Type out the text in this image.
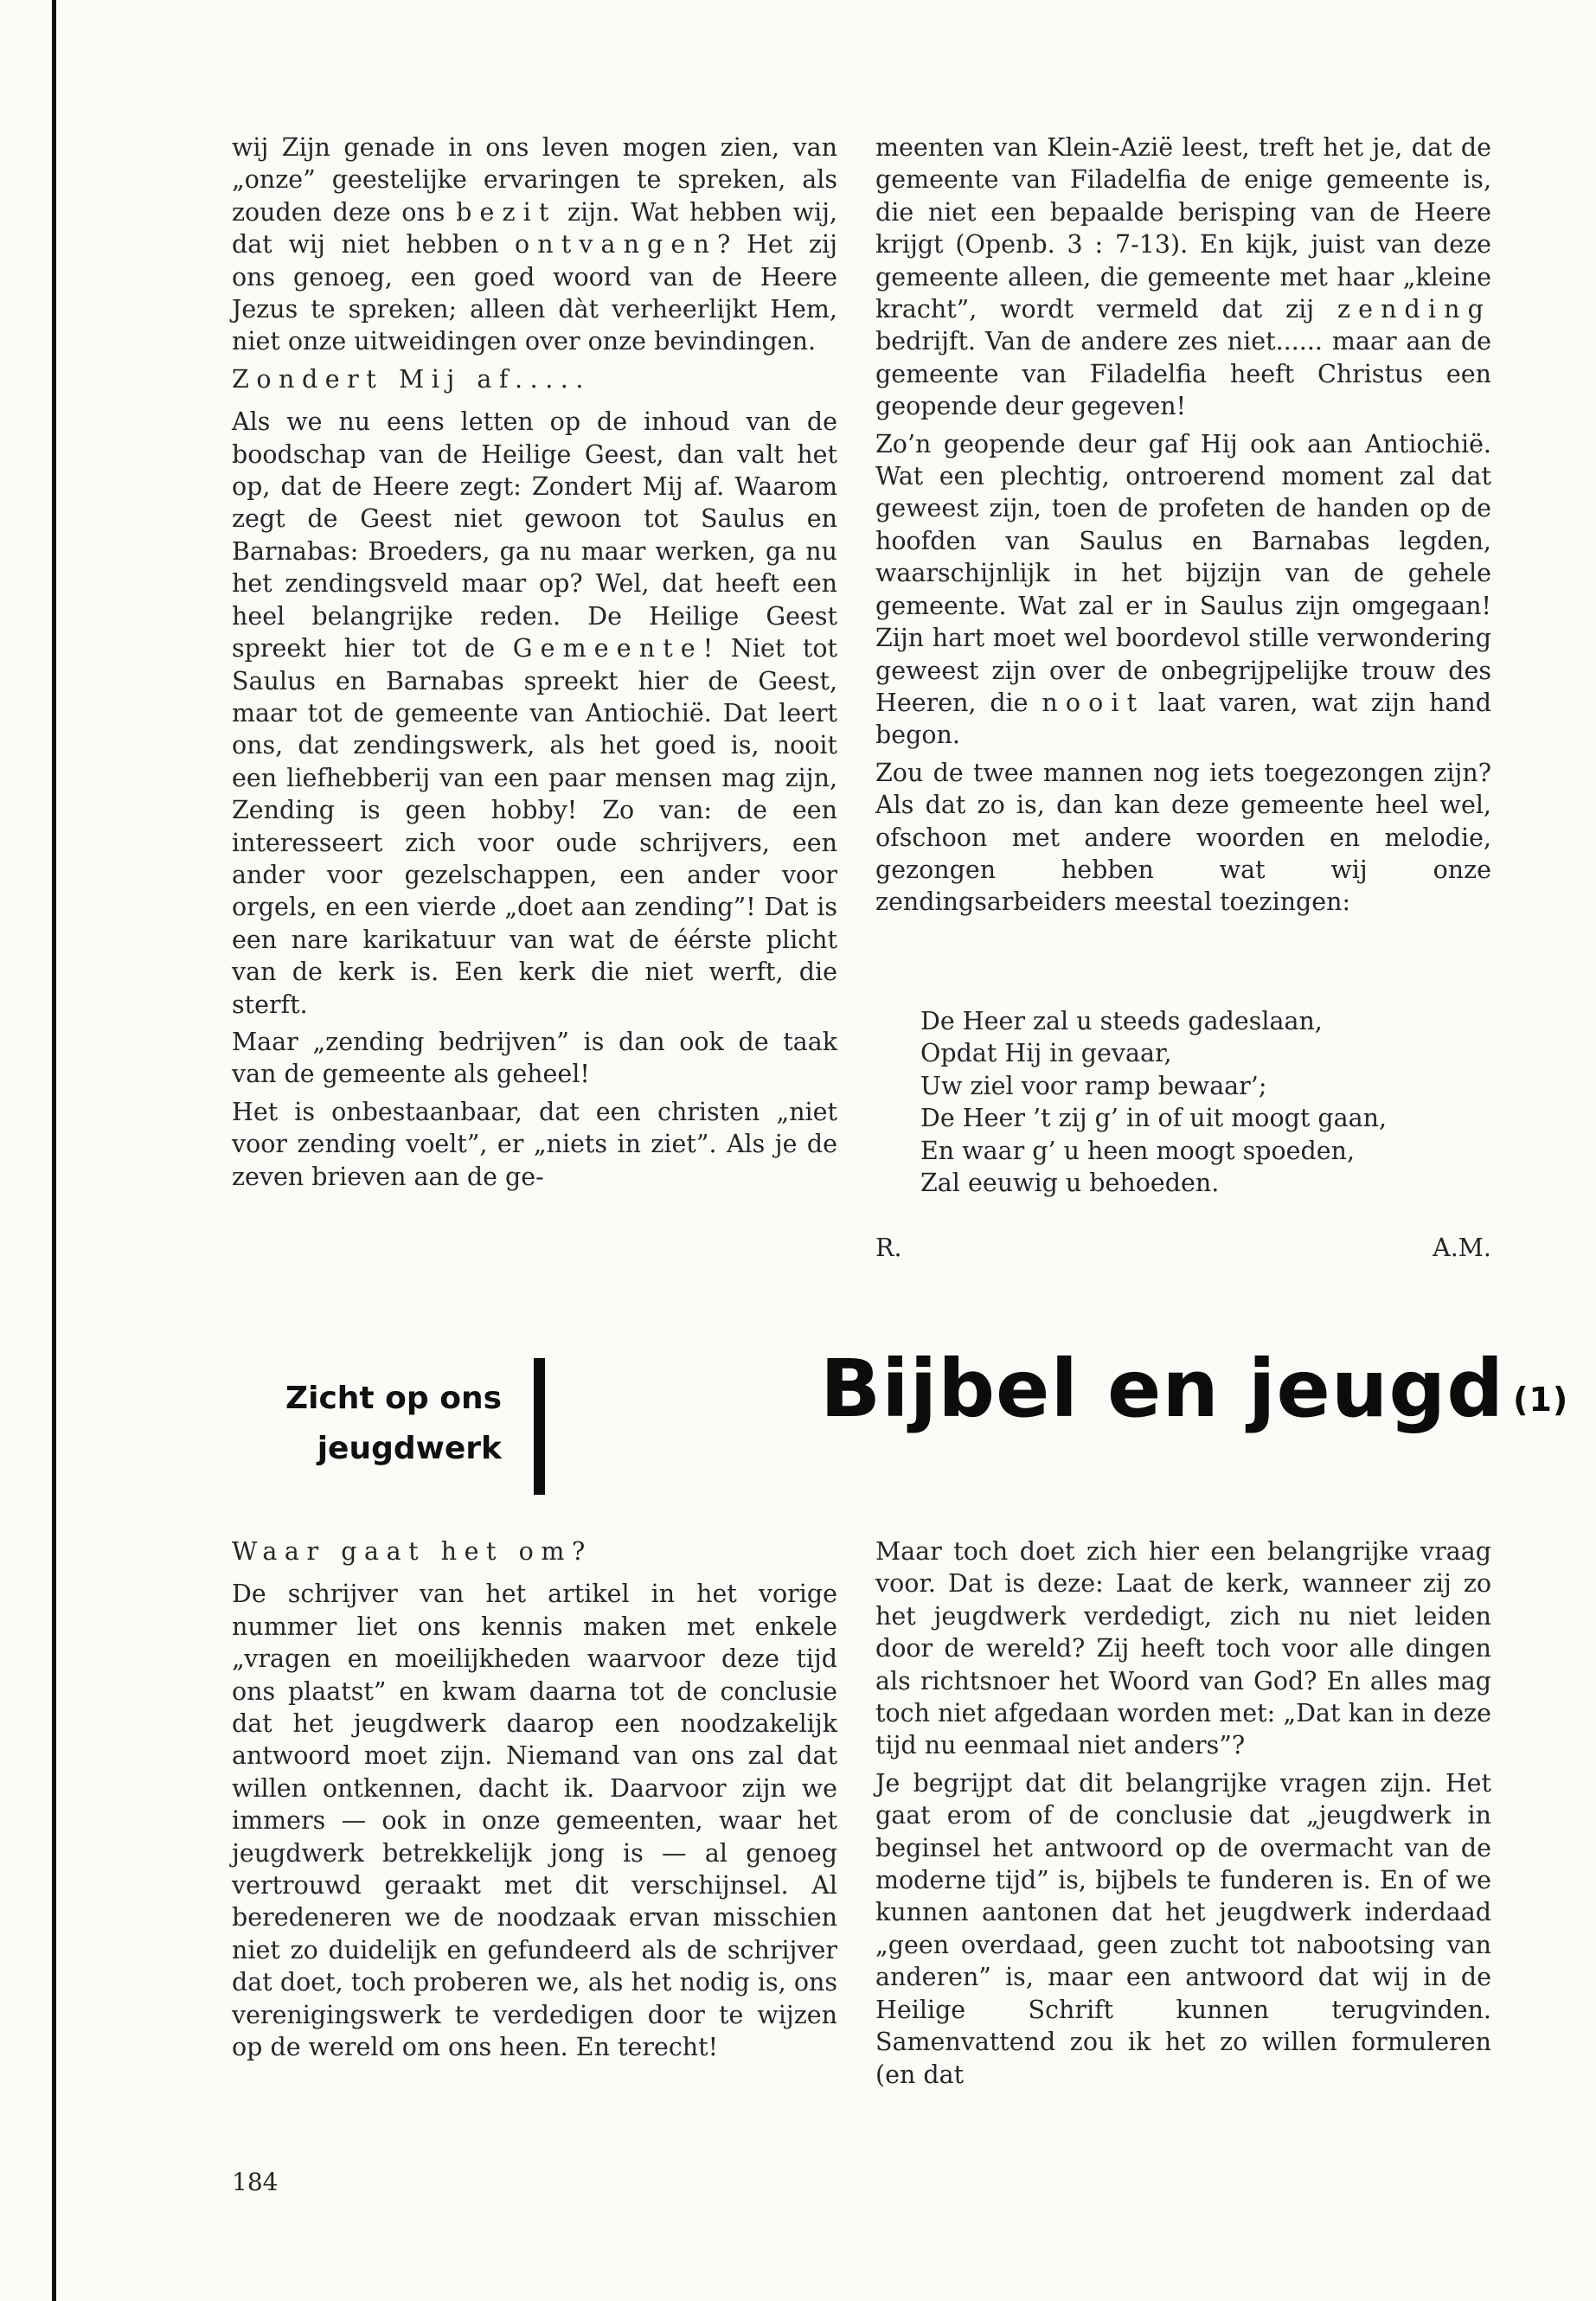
wij Zijn genade in ons leven mogen zien, van „onze” geestelijke ervaringen te spreken, als zouden deze ons bezit zijn. Wat hebben wij, dat wij niet hebben ontvangen? Het zij ons genoeg, een goed woord van de Heere Jezus te spreken; alleen dàt verheerlijkt Hem, niet onze uitweidingen over onze bevindingen.

Zondert Mij af.....

Als we nu eens letten op de inhoud van de boodschap van de Heilige Geest, dan valt het op, dat de Heere zegt: Zondert Mij af. Waarom zegt de Geest niet gewoon tot Saulus en Barnabas: Broeders, ga nu maar werken, ga nu het zendingsveld maar op? Wel, dat heeft een heel belangrijke reden. De Heilige Geest spreekt hier tot de Gemeente! Niet tot Saulus en Barnabas spreekt hier de Geest, maar tot de gemeente van Antiochië. Dat leert ons, dat zendingswerk, als het goed is, nooit een liefhebberij van een paar mensen mag zijn, Zending is geen hobby! Zo van: de een interesseert zich voor oude schrijvers, een ander voor gezelschappen, een ander voor orgels, en een vierde „doet aan zending”! Dat is een nare karikatuur van wat de éérste plicht van de kerk is. Een kerk die niet werft, die sterft.

Maar „zending bedrijven” is dan ook de taak van de gemeente als geheel!

Het is onbestaanbaar, dat een christen „niet voor zending voelt”, er „niets in ziet”. Als je de zeven brieven aan de ge-

meenten van Klein-Azië leest, treft het je, dat de gemeente van Filadelfia de enige gemeente is, die niet een bepaalde berisping van de Heere krijgt (Openb. 3 : 7-13). En kijk, juist van deze gemeente alleen, die gemeente met haar „kleine kracht”, wordt vermeld dat zij zending bedrijft. Van de andere zes niet...... maar aan de gemeente van Filadelfia heeft Christus een geopende deur gegeven!

Zo’n geopende deur gaf Hij ook aan Antiochië. Wat een plechtig, ontroerend moment zal dat geweest zijn, toen de profeten de handen op de hoofden van Saulus en Barnabas legden, waarschijnlijk in het bijzijn van de gehele gemeente. Wat zal er in Saulus zijn omgegaan! Zijn hart moet wel boordevol stille verwondering geweest zijn over de onbegrijpelijke trouw des Heeren, die nooit laat varen, wat zijn hand begon.

Zou de twee mannen nog iets toegezongen zijn? Als dat zo is, dan kan deze gemeente heel wel, ofschoon met andere woorden en melodie, gezongen hebben wat wij onze zendingsarbeiders meestal toezingen:

De Heer zal u steeds gadeslaan,
Opdat Hij in gevaar,
Uw ziel voor ramp bewaar’;
De Heer ’t zij g’ in of uit moogt gaan,
En waar g’ u heen moogt spoeden,
Zal eeuwig u behoeden.
R.	A.M.
Zicht op ons
jeugdwerk
Bijbel en jeugd (1)

Waar gaat het om?

De schrijver van het artikel in het vorige nummer liet ons kennis maken met enkele „vragen en moeilijkheden waarvoor deze tijd ons plaatst” en kwam daarna tot de conclusie dat het jeugdwerk daarop een noodzakelijk antwoord moet zijn. Niemand van ons zal dat willen ontkennen, dacht ik. Daarvoor zijn we immers — ook in onze gemeenten, waar het jeugdwerk betrekkelijk jong is — al genoeg vertrouwd geraakt met dit verschijnsel. Al beredeneren we de noodzaak ervan misschien niet zo duidelijk en gefundeerd als de schrijver dat doet, toch proberen we, als het nodig is, ons verenigingswerk te verdedigen door te wijzen op de wereld om ons heen. En terecht!

Maar toch doet zich hier een belangrijke vraag voor. Dat is deze: Laat de kerk, wanneer zij zo het jeugdwerk verdedigt, zich nu niet leiden door de wereld? Zij heeft toch voor alle dingen als richtsnoer het Woord van God? En alles mag toch niet afgedaan worden met: „Dat kan in deze tijd nu eenmaal niet anders”?

Je begrijpt dat dit belangrijke vragen zijn. Het gaat erom of de conclusie dat „jeugdwerk in beginsel het antwoord op de overmacht van de moderne tijd” is, bijbels te funderen is. En of we kunnen aantonen dat het jeugdwerk inderdaad „geen overdaad, geen zucht tot nabootsing van anderen” is, maar een antwoord dat wij in de Heilige Schrift kunnen terugvinden. Samenvattend zou ik het zo willen formuleren (en dat

184
